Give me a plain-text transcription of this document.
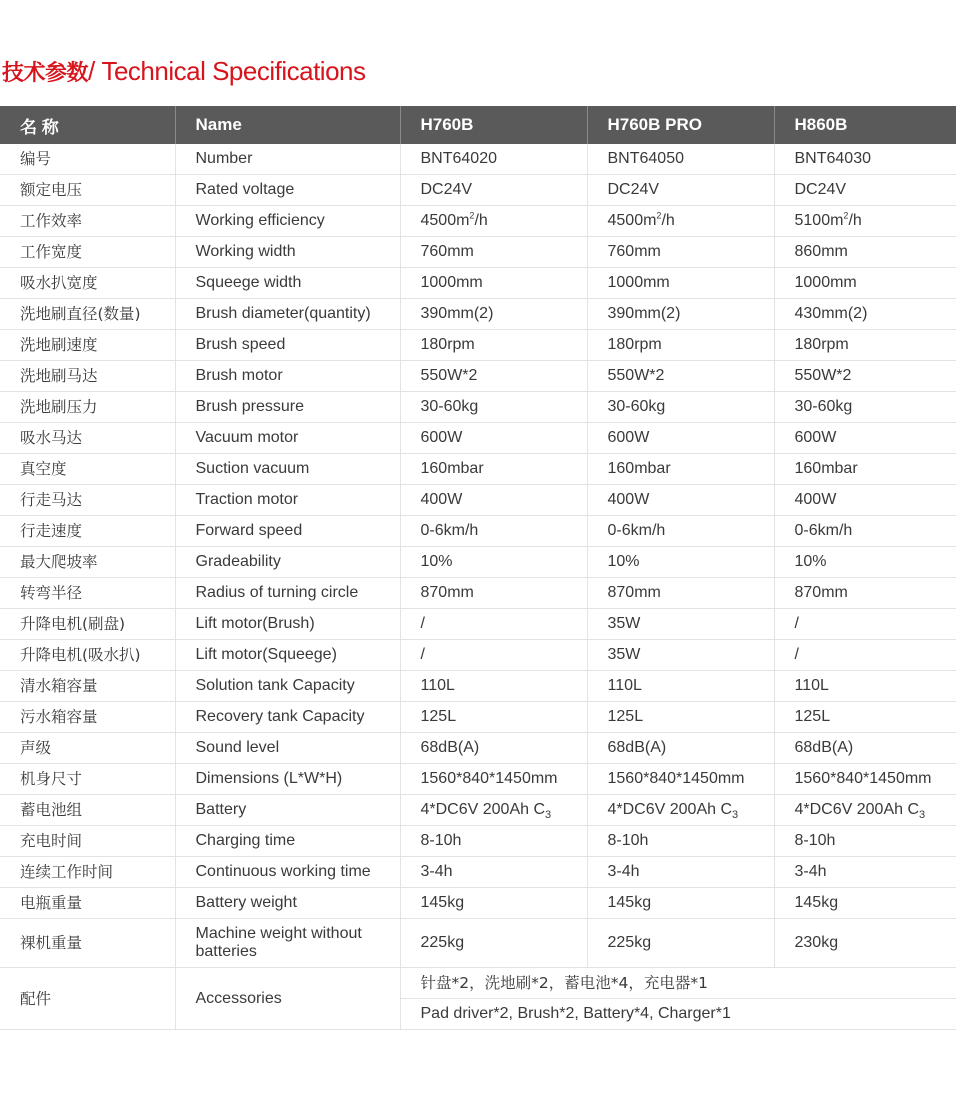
技术参数/ Technical Specifications
名 称	Name	H760B	H760B PRO	H860B
编号	Number	BNT64020	BNT64050	BNT64030
额定电压	Rated voltage	DC24V	DC24V	DC24V
工作效率	Working efficiency	$4500m^2/h$	$4500m^2/h$	$5100m^2/h$
工作宽度	Working width	760mm	760mm	860mm
吸水扒宽度	Squeege width	1000mm	1000mm	1000mm
洗地刷直径(数量)	Brush diameter(quantity)	390mm(2)	390mm(2)	430mm(2)
洗地刷速度	Brush speed	180rpm	180rpm	180rpm
洗地刷马达	Brush motor	550W*2	550W*2	550W*2
洗地刷压力	Brush pressure	30-60kg	30-60kg	30-60kg
吸水马达	Vacuum motor	600W	600W	600W
真空度	Suction vacuum	160mbar	160mbar	160mbar
行走马达	Traction motor	400W	400W	400W
行走速度	Forward speed	0-6km/h	0-6km/h	0-6km/h
最大爬坡率	Gradeability	10%	10%	10%
转弯半径	Radius of turning circle	870mm	870mm	870mm
升降电机(刷盘)	Lift motor(Brush)	/	35W	/
升降电机(吸水扒)	Lift motor(Squeege)	/	35W	/
清水箱容量	Solution tank Capacity	110L	110L	110L
污水箱容量	Recovery tank Capacity	125L	125L	125L
声级	Sound level	68dB(A)	68dB(A)	68dB(A)
机身尺寸	Dimensions (L*W*H)	1560*840*1450mm	1560*840*1450mm	1560*840*1450mm
蓄电池组	Battery	4*DC6V 200Ah $C_3$	4*DC6V 200Ah $C_3$	4*DC6V 200Ah $C_3$
充电时间	Charging time	8-10h	8-10h	8-10h
连续工作时间	Continuous working time	3-4h	3-4h	3-4h
电瓶重量	Battery weight	145kg	145kg	145kg
裸机重量	Machine weight without batteries	225kg	225kg	230kg
配件	Accessories	针盘*2，洗地刷*2，蓄电池*4，充电器*1		
		Pad driver*2, Brush*2, Battery*4, Charger*1		
